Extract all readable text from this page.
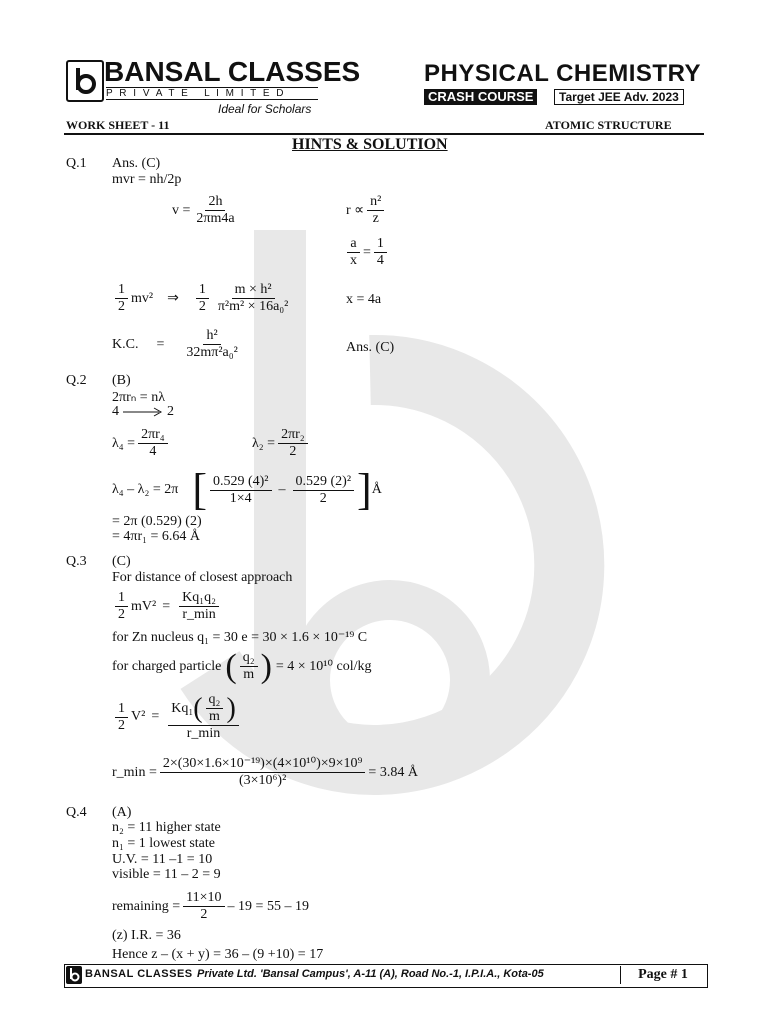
BANSAL CLASSES
P R I V A T E   L I M I T E D
Ideal for Scholars
PHYSICAL CHEMISTRY
CRASH COURSE	Target JEE Adv. 2023
WORK SHEET - 11	ATOMIC STRUCTURE
HINTS & SOLUTION
Q.1 Ans. (C)
mvr = nh/2p
$v = \frac{2h}{2\pi m4a}$	$r \propto \frac{\text{n²}}{z}$
$\frac{a}{x} = \frac{1}{4}$
$\frac{1}{2} mv^2$ ⇒ $\frac{1}{2} \frac{\text{m × h²}}{\text{π²m² × 16a₀²}}$	x = 4a
K.C. = $\frac{\text{h²}}{\text{32mπ²a₀²}}$	Ans. (C)
Q.2 (B)
2πrₙ = nλ
4	2
$\lambda_4 = \frac{\text{2πr₄}}{4}$	$\lambda_2 = \frac{\text{2πr₂}}{2}$
λ₄ – λ₂ = 2π [ $\frac{\text{0.529 (4)²}}{1\times 4} - \frac{\text{0.529 (2)²}}{2}$ ] Å
= 2π (0.529) (2)
= 4πr₁ = 6.64 Å
Q.3 (C)
For distance of closest approach
$\frac{1}{2} mV^2 = \frac{\text{Kq₁q₂}}{r\_\min}$
for Zn nucleus q₁ = 30 e = 30 × 1.6 × 10⁻¹⁹ C
for charged particle ( $\frac{\text{q₂}}{m}$ ) = 4 × 10¹⁰ col/kg
$\frac{1}{2} V^2 = \frac{Kq_1 ( \frac{\text{q₂}}{m} )}{r\_\min}$
r_min = $\frac{\text{2×(30×1.6×10⁻¹⁹)×(4×10¹⁰)×9×10⁹}}{\text{(3×10⁶)²}} = 3.84$ Å
Q.4 (A)
n₂ = 11 higher state
n₁ = 1 lowest state
U.V. = 11 –1 = 10
visible = 11 – 2 = 9
remaining = $\frac{11\times 10}{2} - 19 = 55 - 19$
(z) I.R. = 36
Hence z – (x + y) = 36 – (9 +10) = 17
BANSAL CLASSES Private Ltd. 'Bansal Campus', A-11 (A), Road No.-1, I.P.I.A., Kota-05	Page # 1
